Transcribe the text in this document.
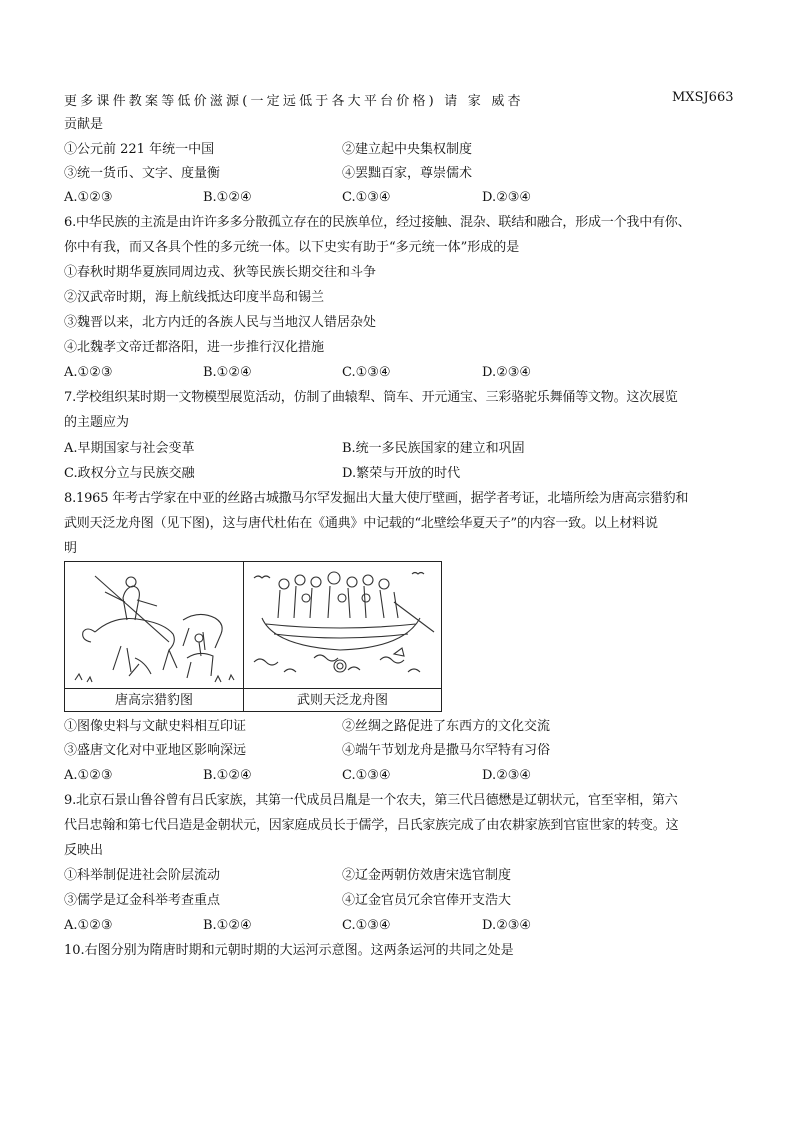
更多课件教案等低价滋源(一定远低于各大平台价格) 请 家 威杏	MXSJ663
贡献是
①公元前 221 年统一中国	②建立起中央集权制度
③统一货币、文字、度量衡	④罢黜百家，尊崇儒术
A.①②③	B.①②④	C.①③④	D.②③④
6.中华民族的主流是由许许多多分散孤立存在的民族单位，经过接触、混杂、联结和融合，形成一个我中有你、
你中有我，而又各具个性的多元统一体。以下史实有助于“多元统一体”形成的是
①春秋时期华夏族同周边戎、狄等民族长期交往和斗争
②汉武帝时期，海上航线抵达印度半岛和锡兰
③魏晋以来，北方内迁的各族人民与当地汉人错居杂处
④北魏孝文帝迁都洛阳，进一步推行汉化措施
A.①②③	B.①②④	C.①③④	D.②③④
7.学校组织某时期一文物模型展览活动，仿制了曲辕犁、筒车、开元通宝、三彩骆驼乐舞俑等文物。这次展览
的主题应为
A.早期国家与社会变革	B.统一多民族国家的建立和巩固
C.政权分立与民族交融	D.繁荣与开放的时代
8.1965 年考古学家在中亚的丝路古城撒马尔罕发掘出大量大使厅壁画，据学者考证，北墙所绘为唐高宗猎豹和
武则天泛龙舟图（见下图)，这与唐代杜佑在《通典》中记载的“北壁绘华夏天子”的内容一致。以上材料说
明
唐高宗猎豹图	武则天泛龙舟图
①图像史料与文献史料相互印证	②丝绸之路促进了东西方的文化交流
③盛唐文化对中亚地区影响深远	④端午节划龙舟是撒马尔罕特有习俗
A.①②③	B.①②④	C.①③④	D.②③④
9.北京石景山鲁谷曾有吕氏家族，其第一代成员吕胤是一个农夫，第三代吕德懋是辽朝状元，官至宰相，第六
代吕忠翰和第七代吕造是金朝状元，因家庭成员长于儒学，吕氏家族完成了由农耕家族到官宦世家的转变。这
反映出
①科举制促进社会阶层流动	②辽金两朝仿效唐宋选官制度
③儒学是辽金科举考查重点	④辽金官员冗余官俸开支浩大
A.①②③	B.①②④	C.①③④	D.②③④
10.右图分别为隋唐时期和元朝时期的大运河示意图。这两条运河的共同之处是
